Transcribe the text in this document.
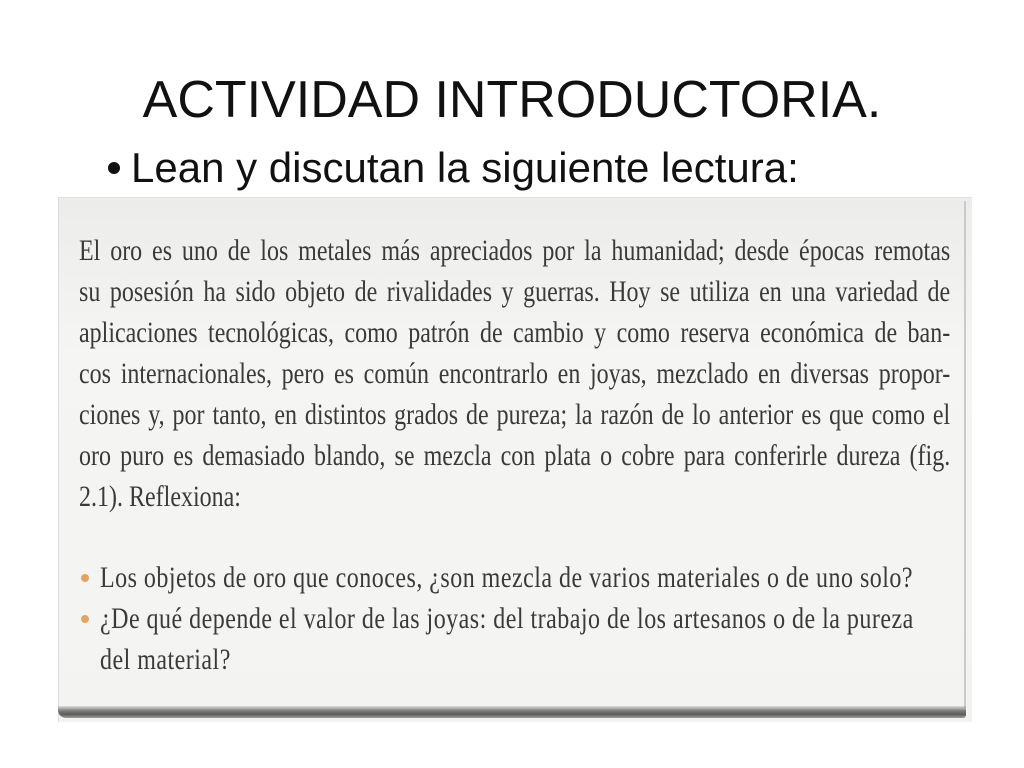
ACTIVIDAD INTRODUCTORIA.
Lean y discutan la siguiente lectura:
El oro es uno de los metales más apreciados por la humanidad; desde épocas remotas
su posesión ha sido objeto de rivalidades y guerras. Hoy se utiliza en una variedad de
aplicaciones tecnológicas, como patrón de cambio y como reserva económica de ban-
cos internacionales, pero es común encontrarlo en joyas, mezclado en diversas propor-
ciones y, por tanto, en distintos grados de pureza; la razón de lo anterior es que como el
oro puro es demasiado blando, se mezcla con plata o cobre para conferirle dureza (fig.
2.1). Reflexiona:
Los objetos de oro que conoces, ¿son mezcla de varios materiales o de uno solo?
¿De qué depende el valor de las joyas: del trabajo de los artesanos o de la pureza
del material?
